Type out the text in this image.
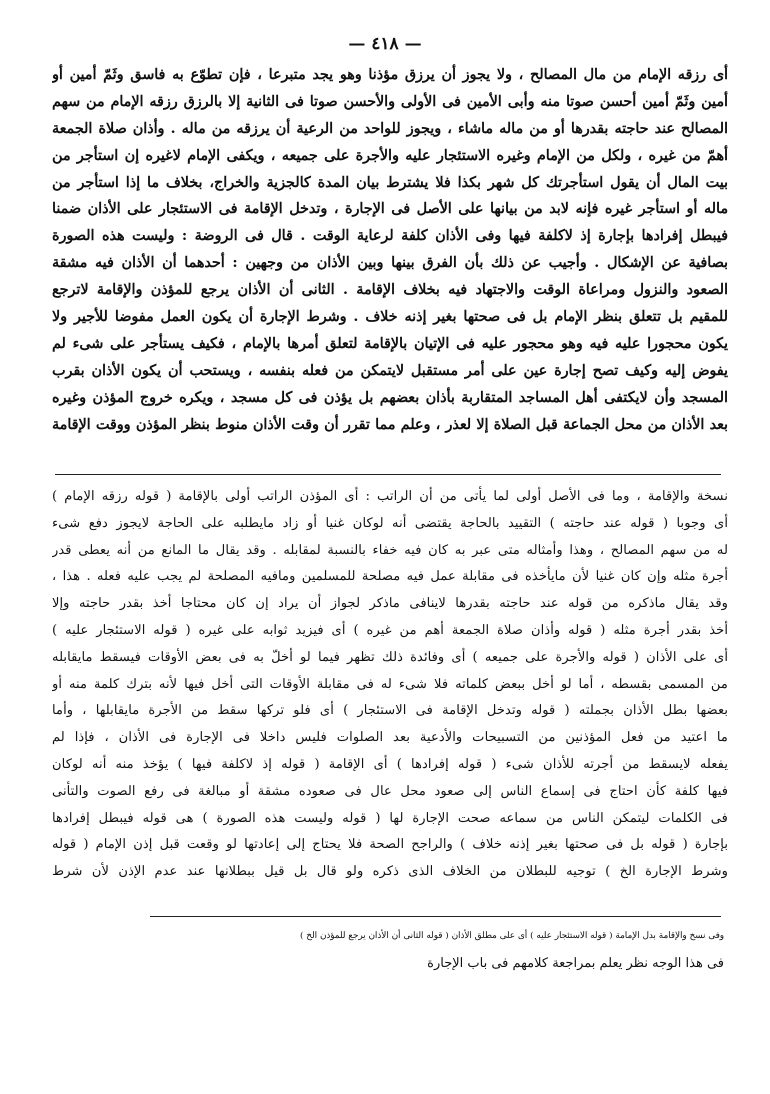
— ٤١٨ —
أى رزقه الإمام من مال المصالح ، ولا يجوز أن يرزق مؤذنا وهو يجد متبرعا ، فإن تطوّع به فاسق وثَمّ أمين أو
أمين وثَمّ أمين أحسن صوتا منه وأبى الأمين فى الأولى والأحسن صوتا فى الثانية إلا بالرزق رزقه الإمام من سهم
المصالح عند حاجته بقدرها أو من ماله ماشاء ، ويجوز للواحد من الرعية أن يرزقه من ماله . وأذان صلاة الجمعة
أهمّ من غيره ، ولكل من الإمام وغيره الاستئجار عليه والأجرة على جميعه ، ويكفى الإمام لاغيره إن استأجر من
بيت المال أن يقول استأجرتك كل شهر بكذا فلا يشترط بيان المدة كالجزية والخراج، بخلاف ما إذا استأجر من
ماله أو استأجر غيره فإنه لابد من بيانها على الأصل فى الإجارة ، وتدخل الإقامة فى الاستئجار على الأذان ضمنا
فيبطل إفرادها بإجارة إذ لاكلفة فيها وفى الأذان كلفة لرعاية الوقت . قال فى الروضة : وليست هذه الصورة
بصافية عن الإشكال . وأجيب عن ذلك بأن الفرق بينها وبين الأذان من وجهين : أحدهما أن الأذان فيه مشقة
الصعود والنزول ومراعاة الوقت والاجتهاد فيه بخلاف الإقامة . الثانى أن الأذان يرجع للمؤذن والإقامة لاترجع
للمقيم بل تتعلق بنظر الإمام بل فى صحتها بغير إذنه خلاف . وشرط الإجارة أن يكون العمل مفوضا للأجير ولا
يكون محجورا عليه فيه وهو محجور عليه فى الإتيان بالإقامة لتعلق أمرها بالإمام ، فكيف يستأجر على شىء لم
يفوض إليه وكيف تصح إجارة عين على أمر مستقبل لايتمكن من فعله بنفسه ، ويستحب أن يكون الأذان بقرب
المسجد وأن لايكتفى أهل المساجد المتقاربة بأذان بعضهم بل يؤذن فى كل مسجد ، ويكره خروج المؤذن وغيره
بعد الأذان من محل الجماعة قبل الصلاة إلا لعذر ، وعلم مما تقرر أن وقت الأذان منوط بنظر المؤذن ووقت الإقامة
نسخة والإقامة ، وما فى الأصل أولى لما يأتى من أن الراتب : أى المؤذن الراتب أولى بالإقامة ( قوله رزقه الإمام )
أى وجوبا ( قوله عند حاجته ) التقييد بالحاجة يقتضى أنه لوكان غنيا أو زاد مايطلبه على الحاجة لايجوز دفع شىء
له من سهم المصالح ، وهذا وأمثاله متى عبر به كان فيه خفاء بالنسبة لمقابله . وقد يقال ما المانع من أنه يعطى قدر
أجرة مثله وإن كان غنيا لأن مايأخذه فى مقابلة عمل فيه مصلحة للمسلمين ومافيه المصلحة لم يجب عليه فعله . هذا ،
وقد يقال ماذكره من قوله عند حاجته بقدرها لاينافى ماذكر لجواز أن يراد إن كان محتاجا أخذ بقدر حاجته وإلا
أخذ بقدر أجرة مثله ( قوله وأذان صلاة الجمعة أهم من غيره ) أى فيزيد ثوابه على غيره ( قوله الاستئجار عليه )
أى على الأذان ( قوله والأجرة على جميعه ) أى وفائدة ذلك تظهر فيما لو أخلّ به فى بعض الأوقات فيسقط مايقابله
من المسمى بقسطه ، أما لو أخل ببعض كلماته فلا شىء له فى مقابلة الأوقات التى أخل فيها لأنه بترك كلمة منه أو
بعضها بطل الأذان بجملته ( قوله وتدخل الإقامة فى الاستئجار ) أى فلو تركها سقط من الأجرة مايقابلها ، وأما
ما اعتيد من فعل المؤذنين من التسبيحات والأدعية بعد الصلوات فليس داخلا فى الإجارة فى الأذان ، فإذا لم
يفعله لايسقط من أجرته للأذان شىء ( قوله إفرادها ) أى الإقامة ( قوله إذ لاكلفة فيها ) يؤخذ منه أنه لوكان
فيها كلفة كأن احتاج فى إسماع الناس إلى صعود محل عال فى صعوده مشقة أو مبالغة فى رفع الصوت والتأنى
فى الكلمات ليتمكن الناس من سماعه صحت الإجارة لها ( قوله وليست هذه الصورة ) هى قوله فيبطل إفرادها
بإجارة ( قوله بل فى صحتها بغير إذنه خلاف ) والراجح الصحة فلا يحتاج إلى إعادتها لو وقعت قبل إذن الإمام ( قوله
وشرط الإجارة الخ ) توجيه للبطلان من الخلاف الذى ذكره ولو قال بل قيل ببطلانها عند عدم الإذن لأن شرط
وفى نسخ والإقامة بدل الإمامة ( قوله الاستئجار عليه ) أى على مطلق الأذان ( قوله الثانى أن الأذان يرجع للمؤذن الخ )
فى هذا الوجه نظر يعلم بمراجعة كلامهم فى باب الإجارة
